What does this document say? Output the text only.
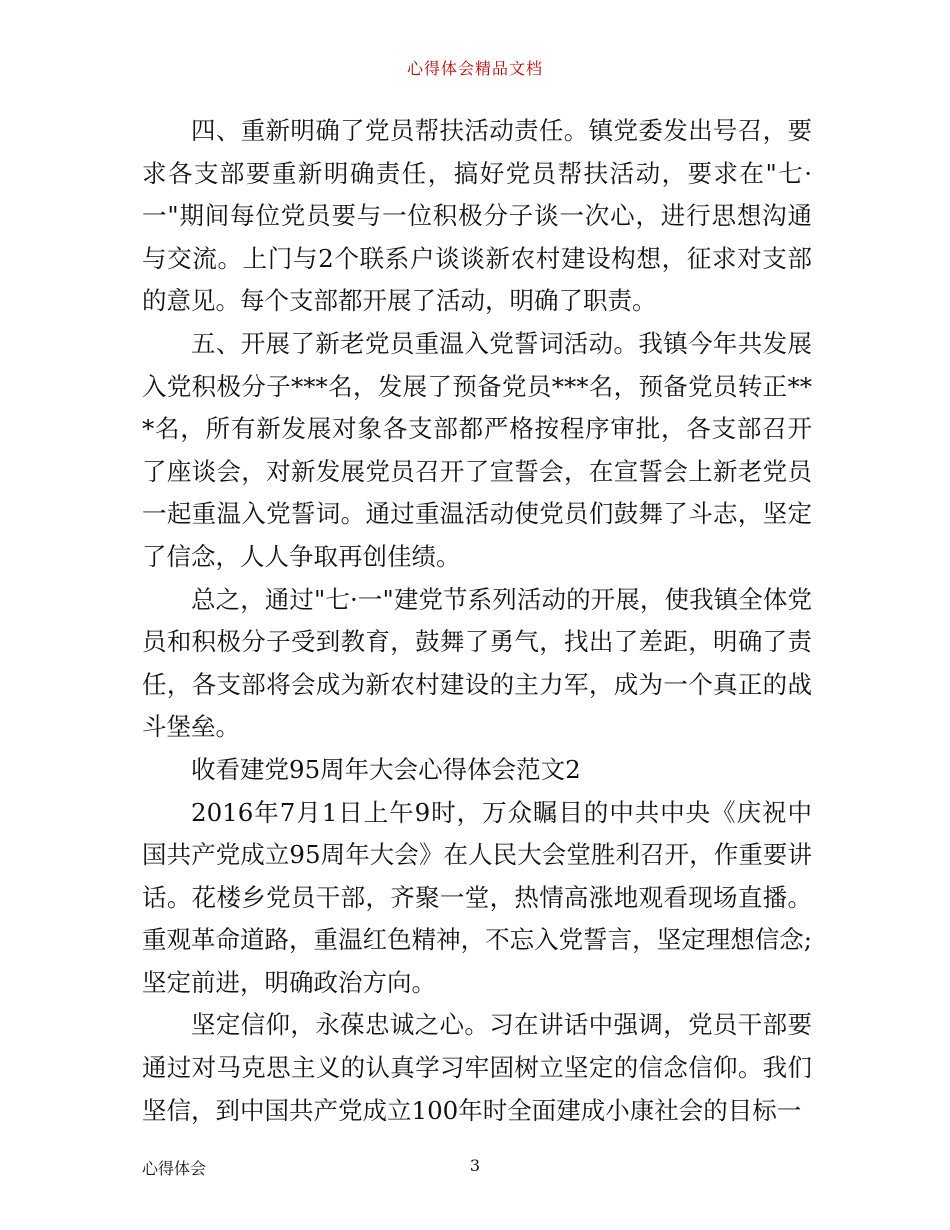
心得体会精品文档

四、重新明确了党员帮扶活动责任。镇党委发出号召，要求各支部要重新明确责任，搞好党员帮扶活动，要求在"七·一"期间每位党员要与一位积极分子谈一次心，进行思想沟通与交流。上门与2个联系户谈谈新农村建设构想，征求对支部的意见。每个支部都开展了活动，明确了职责。

五、开展了新老党员重温入党誓词活动。我镇今年共发展入党积极分子***名，发展了预备党员***名，预备党员转正***名，所有新发展对象各支部都严格按程序审批，各支部召开了座谈会，对新发展党员召开了宣誓会，在宣誓会上新老党员一起重温入党誓词。通过重温活动使党员们鼓舞了斗志，坚定了信念，人人争取再创佳绩。

总之，通过"七·一"建党节系列活动的开展，使我镇全体党员和积极分子受到教育，鼓舞了勇气，找出了差距，明确了责任，各支部将会成为新农村建设的主力军，成为一个真正的战斗堡垒。

收看建党95周年大会心得体会范文2

2016年7月1日上午9时，万众瞩目的中共中央《庆祝中国共产党成立95周年大会》在人民大会堂胜利召开，作重要讲话。花楼乡党员干部，齐聚一堂，热情高涨地观看现场直播。重观革命道路，重温红色精神，不忘入党誓言，坚定理想信念;坚定前进，明确政治方向。

坚定信仰，永葆忠诚之心。习在讲话中强调，党员干部要通过对马克思主义的认真学习牢固树立坚定的信念信仰。我们坚信，到中国共产党成立100年时全面建成小康社会的目标一

心得体会	3
